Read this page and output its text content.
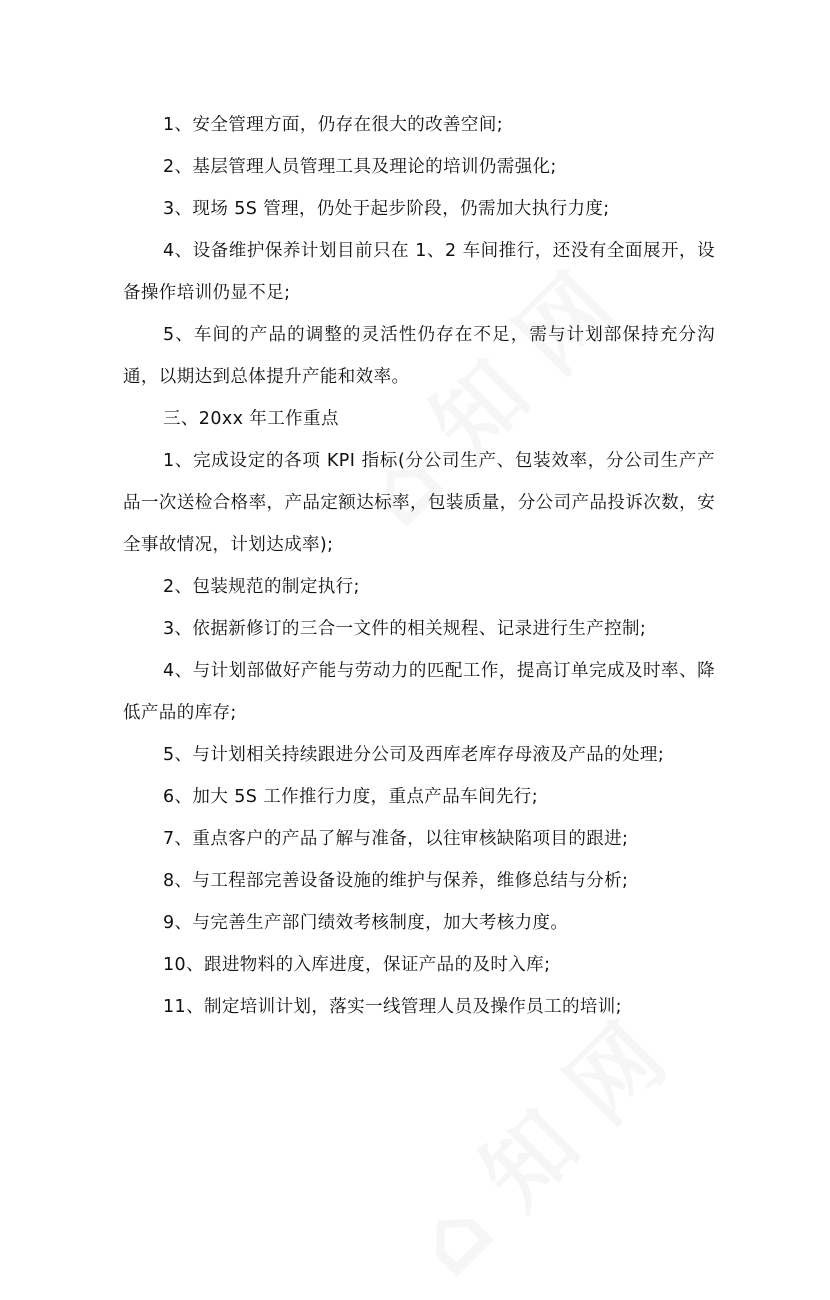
1、安全管理方面，仍存在很大的改善空间;

2、基层管理人员管理工具及理论的培训仍需强化;

3、现场 5S 管理，仍处于起步阶段，仍需加大执行力度;

4、设备维护保养计划目前只在 1、2 车间推行，还没有全面展开，设备操作培训仍显不足;

5、车间的产品的调整的灵活性仍存在不足，需与计划部保持充分沟通，以期达到总体提升产能和效率。

三、20xx 年工作重点

1、完成设定的各项 KPI 指标(分公司生产、包装效率，分公司生产产品一次送检合格率，产品定额达标率，包装质量，分公司产品投诉次数，安全事故情况，计划达成率);

2、包装规范的制定执行;

3、依据新修订的三合一文件的相关规程、记录进行生产控制;

4、与计划部做好产能与劳动力的匹配工作，提高订单完成及时率、降低产品的库存;

5、与计划相关持续跟进分公司及西库老库存母液及产品的处理;

6、加大 5S 工作推行力度，重点产品车间先行;

7、重点客户的产品了解与准备，以往审核缺陷项目的跟进;

8、与工程部完善设备设施的维护与保养，维修总结与分析;

9、与完善生产部门绩效考核制度，加大考核力度。

10、跟进物料的入库进度，保证产品的及时入库;

11、制定培训计划，落实一线管理人员及操作员工的培训;
